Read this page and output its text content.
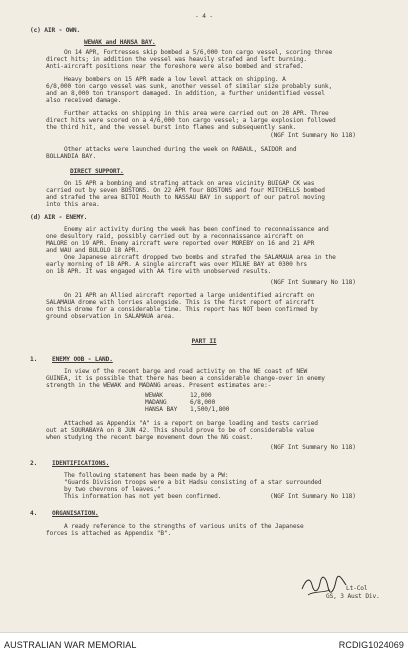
- 4 -
(c) AIR - OWN.
WEWAK and HANSA BAY.
On 14 APR, Fortresses skip bombed a 5/6,000 ton cargo vessel, scoring three
direct hits; in addition the vessel was heavily strafed and left burning.
Anti-aircraft positions near the foreshore were also bombed and strafed.
Heavy bombers on 15 APR made a low level attack on shipping. A
6/8,000 ton cargo vessel was sunk, another vessel of similar size probably sunk,
and an 8,000 ton transport damaged. In addition, a further unidentified vessel
also received damage.
Further attacks on shipping in this area were carried out on 20 APR. Three
direct hits were scored on a 4/6,000 ton cargo vessel; a large explosion followed
the third hit, and the vessel burst into flames and subsequently sank.
(NGF Int Summary No 118)
Other attacks were launched during the week on RABAUL, SAIDOR and
BOLLANDIA BAY.
DIRECT SUPPORT.
On 15 APR a bombing and strafing attack on area vicinity BUIGAP CK was
carried out by seven BOSTONS. On 22 APR four BOSTONS and four MITCHELLS bombed
and strafed the area BITOI Mouth to NASSAU BAY in support of our patrol moving
into this area.
(d) AIR - ENEMY.
Enemy air activity during the week has been confined to reconnaissance and
one desultory raid, possibly carried out by a reconnaissance aircraft on
MALORE on 19 APR. Enemy aircraft were reported over MOREBY on 16 and 21 APR
and WAU and BULOLO 18 APR.
One Japanese aircraft dropped two bombs and strafed the SALAMAUA area in the
early morning of 18 APR. A single aircraft was over MILNE BAY at 0300 hrs
on 18 APR. It was engaged with AA fire with unobserved results.
(NGF Int Summary No 118)
On 21 APR an Allied aircraft reported a large unidentified aircraft on
SALAMAUA drome with lorries alongside. This is the first report of aircraft
on this drome for a considerable time. This report has NOT been confirmed by
ground observation in SALAMAUA area.
PART II
1. ENEMY OOB - LAND.
In view of the recent barge and road activity on the NE coast of NEW
GUINEA, it is possible that there has been a considerable change-over in enemy
strength in the WEWAK and MADANG areas. Present estimates are:-
WEWAK	12,000
MADANG	6/8,000
HANSA BAY 1,500/1,800
Attached as Appendix "A" is a report on barge loading and tests carried
out at SOURABAYA on 8 JUN 42. This should prove to be of considerable value
when studying the recent barge movement down the NG coast.
(NGF Int Summary No 118)
2. IDENTIFICATIONS.
The following statement has been made by a PW:
"Guards Division troops were a bit Hadsu consisting of a star surrounded
by two chevrons of leaves."
This information has not yet been confirmed.	(NGF Int Summary No 118)
4. ORGANISATION.
A ready reference to the strengths of various units of the Japanese
forces is attached as Appendix "B".
Lt-Col
GS, 3 Aust Div.
AUSTRALIAN WAR MEMORIAL	RCDIG1024069
